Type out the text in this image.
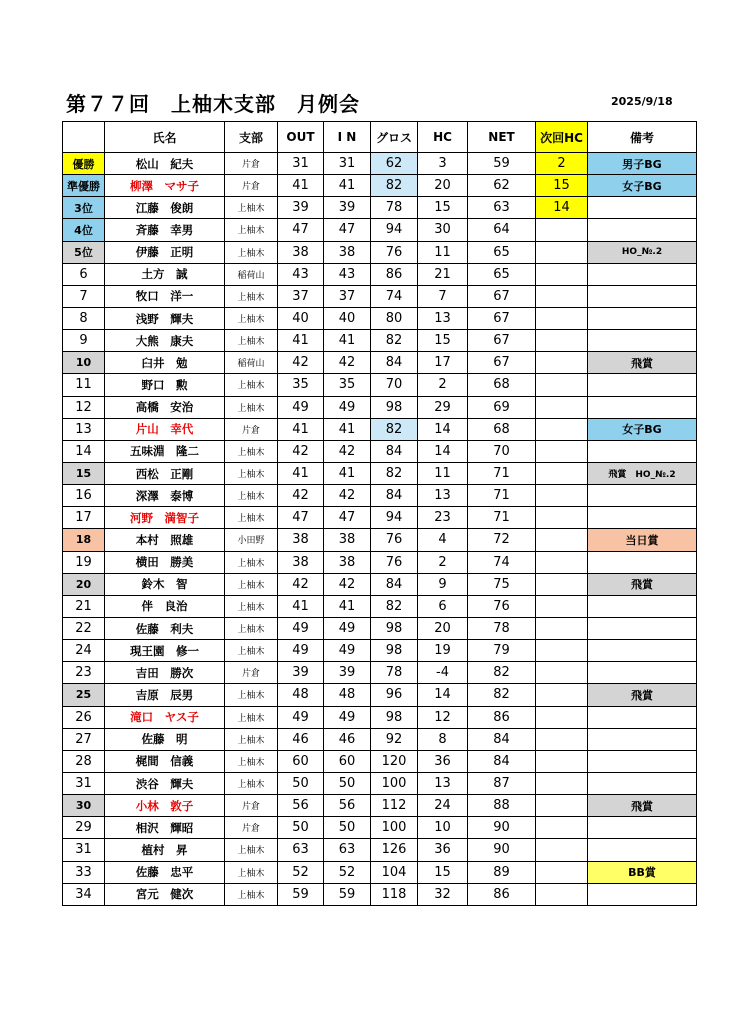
第７７回　上柚木支部　月例会	2025/9/18
	氏名	支部	OUT	I N	グロス	HC	NET	次回HC	備考
優勝	松山　紀夫	片倉	31	31	62	3	59	2	男子BG
準優勝	柳澤　マサ子	片倉	41	41	82	20	62	15	女子BG
3位	江藤　俊朗	上柚木	39	39	78	15	63	14	
4位	斉藤　幸男	上柚木	47	47	94	30	64		
5位	伊藤　正明	上柚木	38	38	76	11	65		HO_№.2
6	土方　誠	稲荷山	43	43	86	21	65		
7	牧口　洋一	上柚木	37	37	74	7	67		
8	浅野　輝夫	上柚木	40	40	80	13	67		
9	大熊　康夫	上柚木	41	41	82	15	67		
10	臼井　勉	稲荷山	42	42	84	17	67		飛賞
11	野口　勲	上柚木	35	35	70	2	68		
12	高橋　安治	上柚木	49	49	98	29	69		
13	片山　幸代	片倉	41	41	82	14	68		女子BG
14	五味淵　隆二	上柚木	42	42	84	14	70		
15	西松　正剛	上柚木	41	41	82	11	71		飛賞　HO_№.2
16	深澤　泰博	上柚木	42	42	84	13	71		
17	河野　満智子	上柚木	47	47	94	23	71		
18	本村　照雄	小田野	38	38	76	4	72		当日賞
19	横田　勝美	上柚木	38	38	76	2	74		
20	鈴木　智	上柚木	42	42	84	9	75		飛賞
21	伴　良治	上柚木	41	41	82	6	76		
22	佐藤　利夫	上柚木	49	49	98	20	78		
24	現王園　修一	上柚木	49	49	98	19	79		
23	吉田　勝次	片倉	39	39	78	-4	82		
25	吉原　辰男	上柚木	48	48	96	14	82		飛賞
26	滝口　ヤス子	上柚木	49	49	98	12	86		
27	佐藤　明	上柚木	46	46	92	8	84		
28	梶間　信義	上柚木	60	60	120	36	84		
31	渋谷　輝夫	上柚木	50	50	100	13	87		
30	小林　敦子	片倉	56	56	112	24	88		飛賞
29	相沢　輝昭	片倉	50	50	100	10	90		
31	植村　昇	上柚木	63	63	126	36	90		
33	佐藤　忠平	上柚木	52	52	104	15	89		BB賞
34	宮元　健次	上柚木	59	59	118	32	86		
